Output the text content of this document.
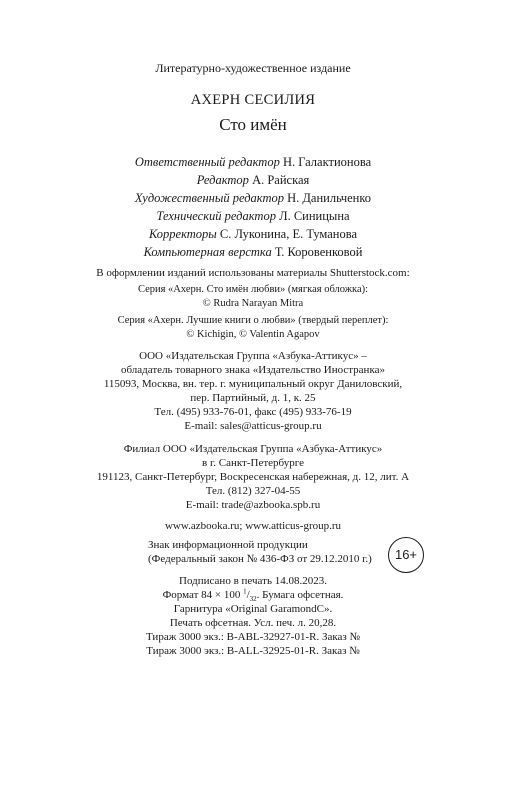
Литературно-художественное издание
АХЕРН СЕСИЛИЯ
Сто имён
Ответственный редактор Н. Галактионова
Редактор А. Райская
Художественный редактор Н. Данильченко
Технический редактор Л. Синицына
Корректоры С. Луконина, Е. Туманова
Компьютерная верстка Т. Коровенковой
В оформлении изданий использованы материалы Shutterstock.com:
Серия «Ахерн. Сто имён любви» (мягкая обложка):
© Rudra Narayan Mitra
Серия «Ахерн. Лучшие книги о любви» (твердый переплет):
© Kichigin, © Valentin Agapov
ООО «Издательская Группа «Азбука-Аттикус» –
обладатель товарного знака «Издательство Иностранка»
115093, Москва, вн. тер. г. муниципальный округ Даниловский,
пер. Партийный, д. 1, к. 25
Тел. (495) 933-76-01, факс (495) 933-76-19
E-mail: sales@atticus-group.ru
Филиал ООО «Издательская Группа «Азбука-Аттикус»
в г. Санкт-Петербурге
191123, Санкт-Петербург, Воскресенская набережная, д. 12, лит. А
Тел. (812) 327-04-55
E-mail: trade@azbooka.spb.ru
www.azbooka.ru; www.atticus-group.ru
Знак информационной продукции
(Федеральный закон № 436-ФЗ от 29.12.2010 г.)	16+
Подписано в печать 14.08.2023.
Формат 84 × 100 $^1/_{32}$. Бумага офсетная.
Гарнитура «Original GaramondC».
Печать офсетная. Усл. печ. л. 20,28.
Тираж 3000 экз.: B-ABL-32927-01-R. Заказ №
Тираж 3000 экз.: B-ALL-32925-01-R. Заказ №
